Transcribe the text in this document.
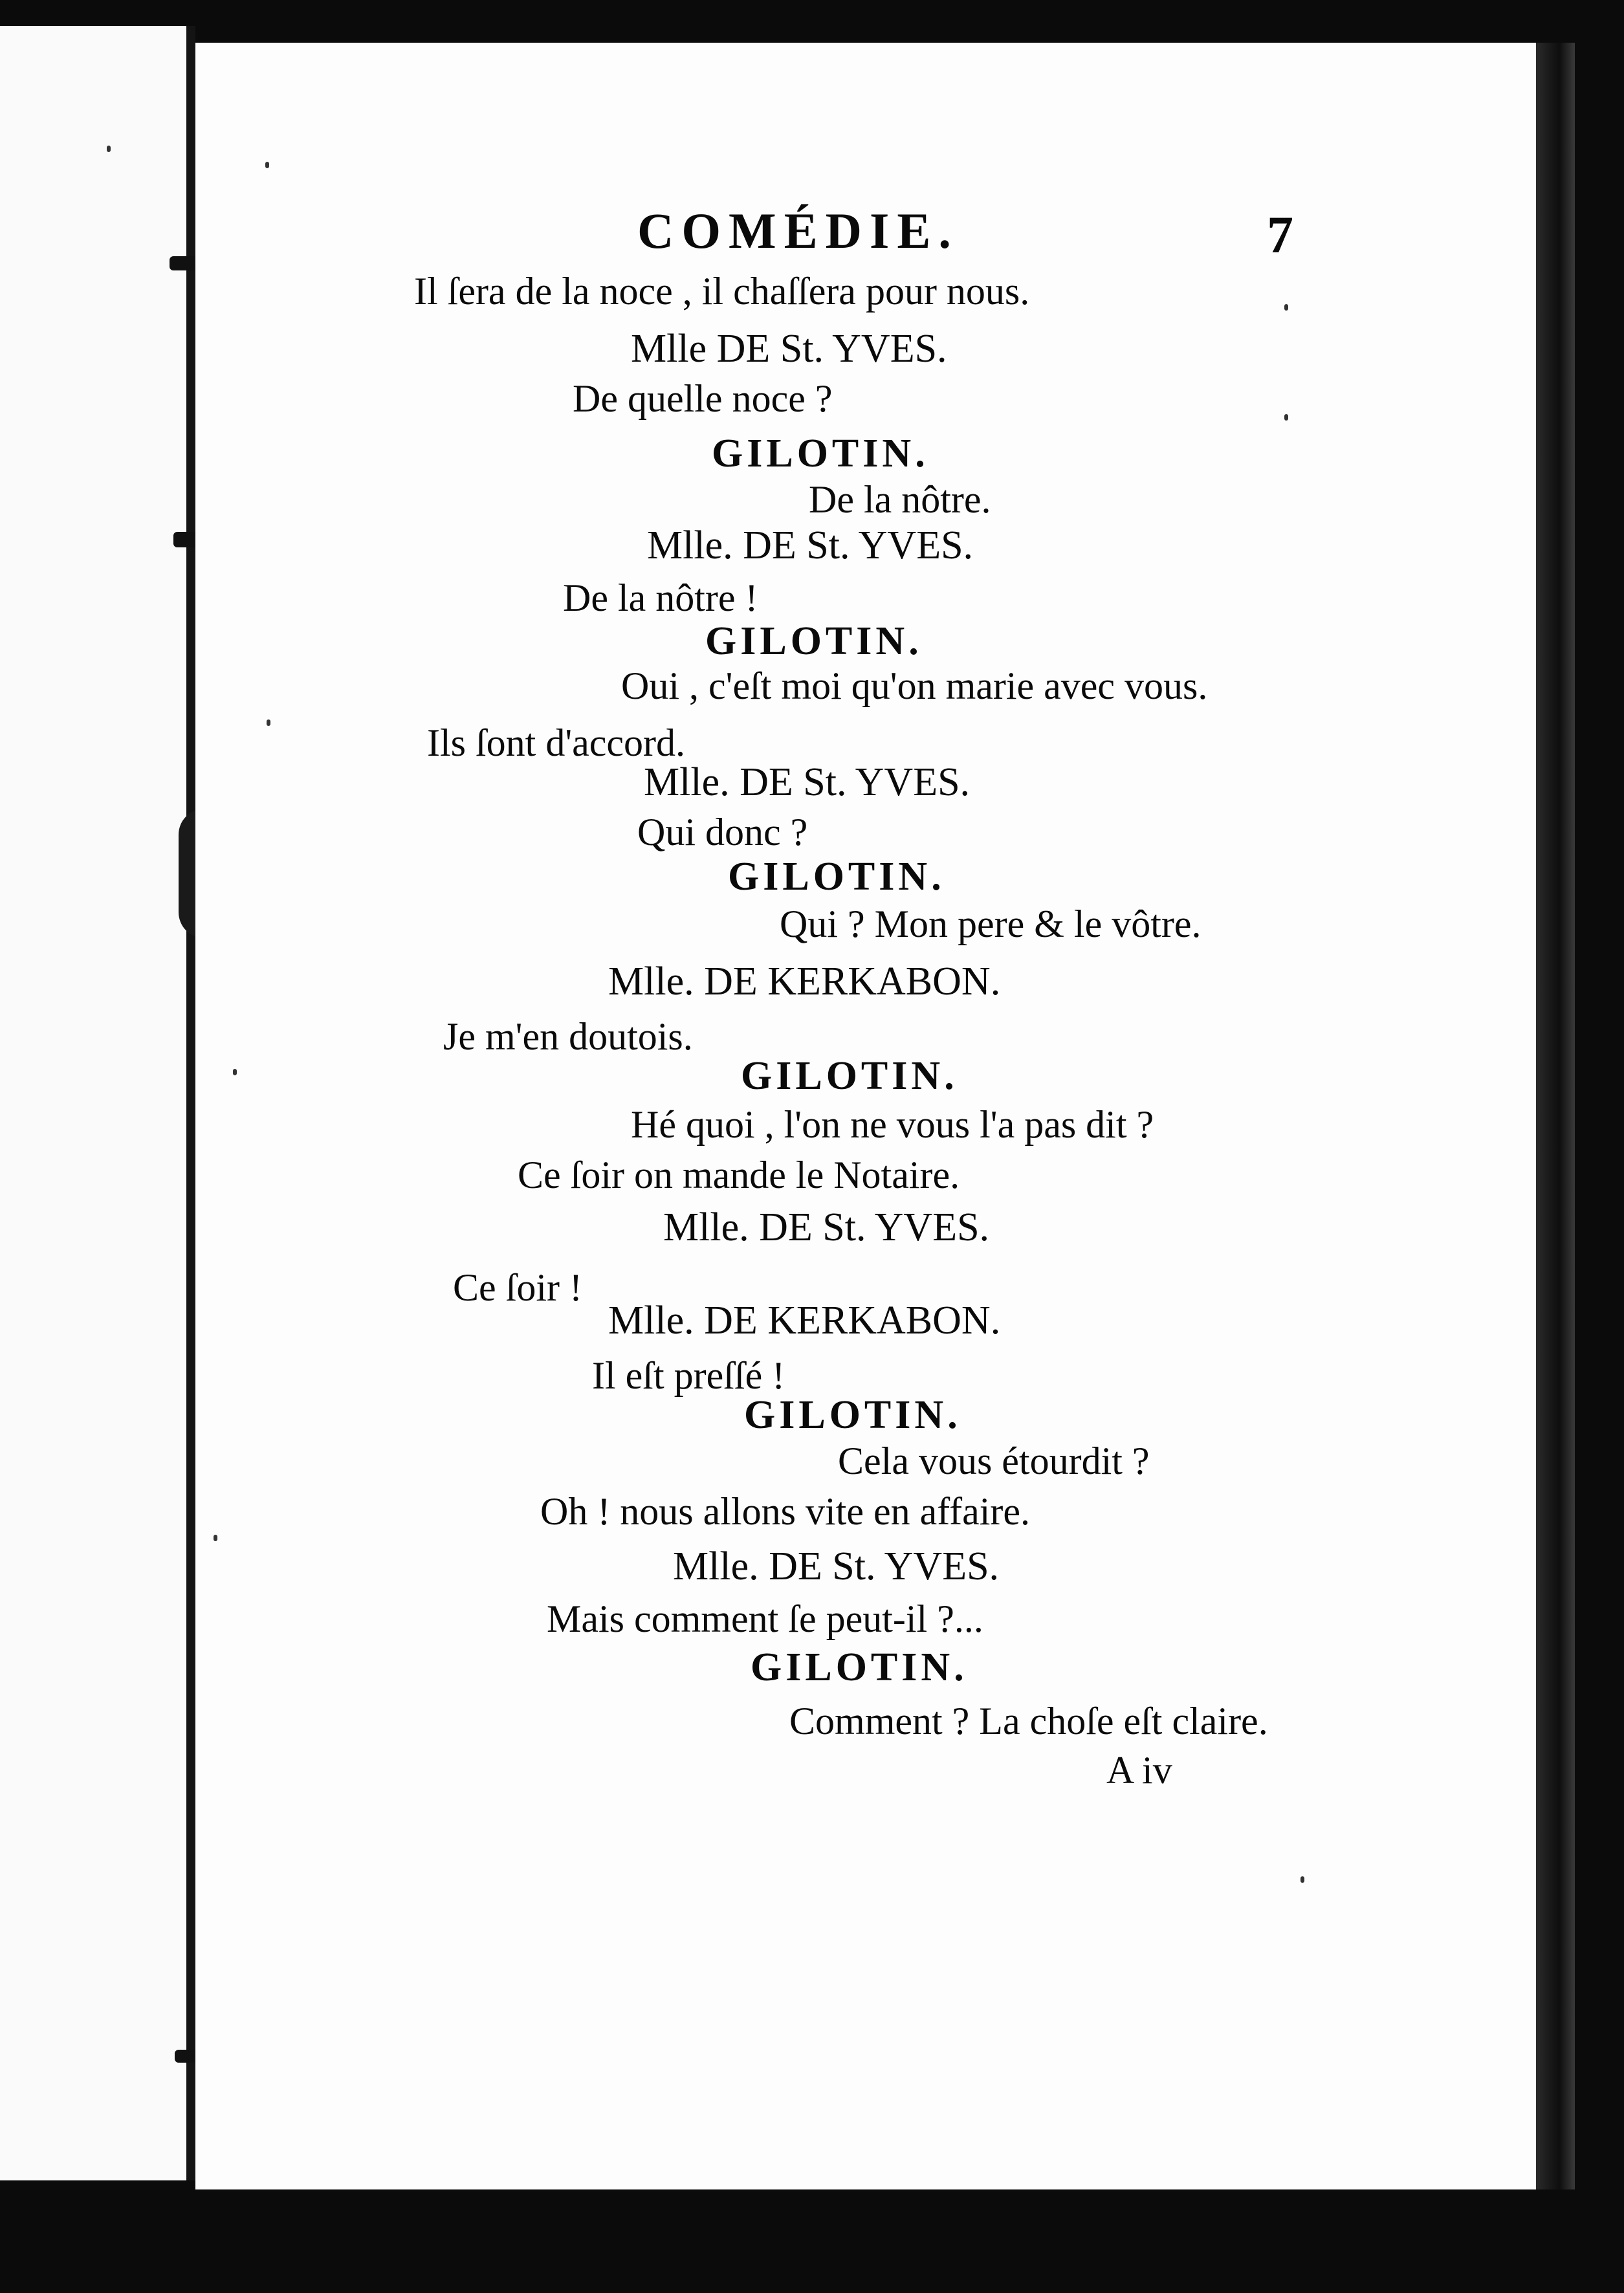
COMÉDIE.	7
Il ſera de la noce , il chaſſera pour nous.
Mlle DE St. YVES.
De quelle noce ?
GILOTIN.
De la nôtre.
Mlle. DE St. YVES.
De la nôtre !
GILOTIN.
Oui , c'eſt moi qu'on marie avec vous.
Ils ſont d'accord.
Mlle. DE St. YVES.
Qui donc ?
GILOTIN.
Qui ? Mon pere & le vôtre.
Mlle. DE KERKABON.
Je m'en doutois.
GILOTIN.
Hé quoi , l'on ne vous l'a pas dit ?
Ce ſoir on mande le Notaire.
Mlle. DE St. YVES.
Ce ſoir !
Mlle. DE KERKABON.
Il eſt preſſé !
GILOTIN.
Cela vous étourdit ?
Oh ! nous allons vite en affaire.
Mlle. DE St. YVES.
Mais comment ſe peut-il ?...
GILOTIN.
Comment ? La choſe eſt claire.
A iv
